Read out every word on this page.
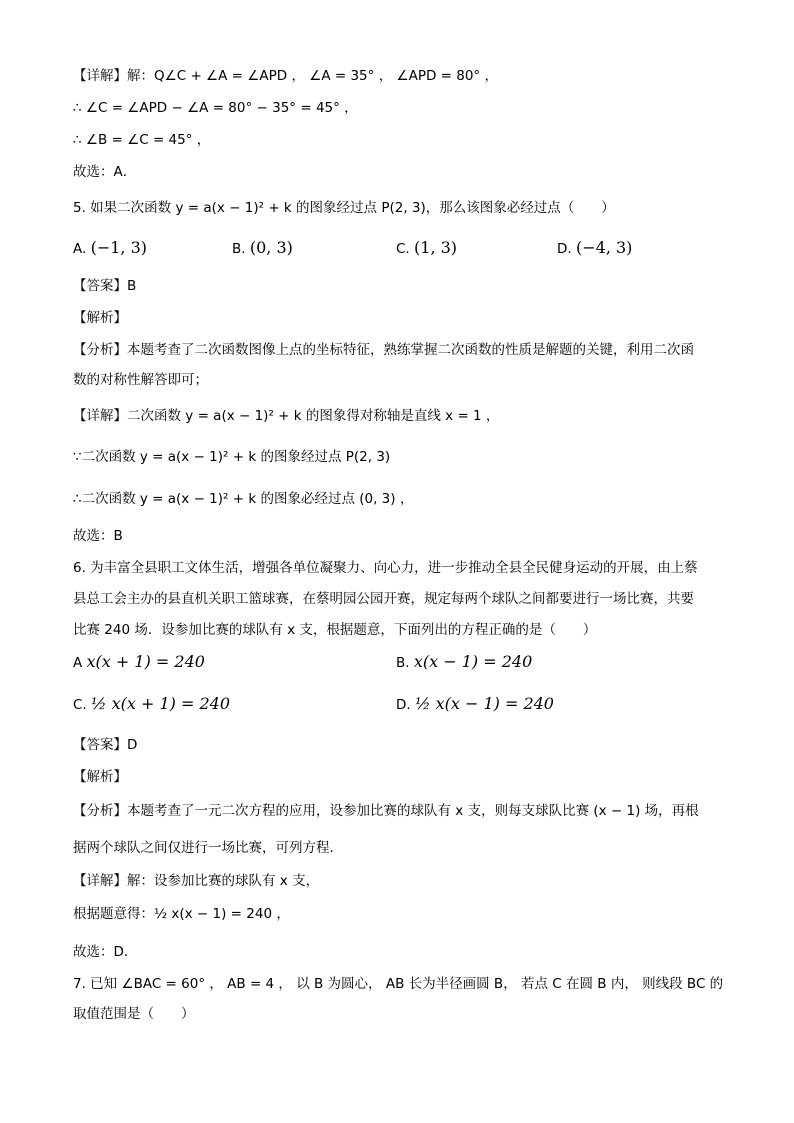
【详解】解：Q∠C + ∠A = ∠APD ， ∠A = 35° ， ∠APD = 80° ，
∴ ∠C = ∠APD − ∠A = 80° − 35° = 45° ，
∴ ∠B = ∠C = 45° ，
故选：A．
5. 如果二次函数 y = a(x − 1)² + k 的图象经过点 P(2, 3)，那么该图象必经过点（　　）
【答案】B
【解析】
【分析】本题考查了二次函数图像上点的坐标特征，熟练掌握二次函数的性质是解题的关键，利用二次函
数的对称性解答即可；
【详解】二次函数 y = a(x − 1)² + k 的图象得对称轴是直线 x = 1 ，
∵二次函数 y = a(x − 1)² + k 的图象经过点 P(2, 3)
∴二次函数 y = a(x − 1)² + k 的图象必经过点 (0, 3) ，
故选：B
6. 为丰富全县职工文体生活，增强各单位凝聚力、向心力，进一步推动全县全民健身运动的开展，由上蔡
县总工会主办的县直机关职工篮球赛，在蔡明园公园开赛，规定每两个球队之间都要进行一场比赛，共要
比赛 240 场．设参加比赛的球队有 x 支，根据题意，下面列出的方程正确的是（　　）
【答案】D
【解析】
【分析】本题考查了一元二次方程的应用，设参加比赛的球队有 x 支，则每支球队比赛 (x − 1) 场，再根
据两个球队之间仅进行一场比赛，可列方程．
【详解】解：设参加比赛的球队有 x 支，
根据题意得：½ x(x − 1) = 240 ，
故选：D．
7. 已知 ∠BAC = 60° ， AB = 4 ， 以 B 为圆心， AB 长为半径画圆 B， 若点 C 在圆 B 内， 则线段 BC 的
取值范围是（　　）
A. (−1, 3)	B. (0, 3)	C. (1, 3)	D. (−4, 3)
A x(x + 1) = 240	B. x(x − 1) = 240
C. ½ x(x + 1) = 240	D. ½ x(x − 1) = 240
